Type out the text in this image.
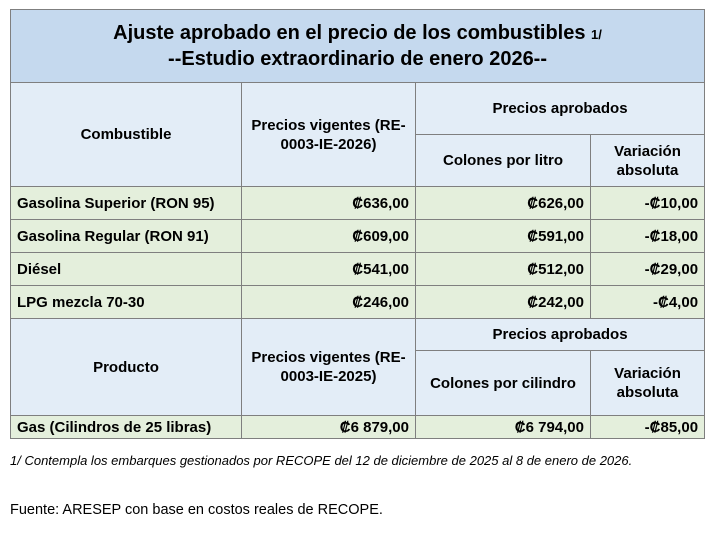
Ajuste aprobado en el precio de los combustibles 1/
--Estudio extraordinario de enero 2026--			
Combustible	Precios vigentes (RE-0003-IE-2026)	Precios aprobados	
		Colones por litro	Variación absoluta
Gasolina Superior (RON 95)	₡636,00	₡626,00	-₡10,00
Gasolina Regular (RON 91)	₡609,00	₡591,00	-₡18,00
Diésel	₡541,00	₡512,00	-₡29,00
LPG mezcla 70-30	₡246,00	₡242,00	-₡4,00
Producto	Precios vigentes (RE-0003-IE-2025)	Precios aprobados	
		Colones por cilindro	Variación absoluta
Gas (Cilindros de 25 libras)	₡6 879,00	₡6 794,00	-₡85,00
1/ Contempla los embarques gestionados por RECOPE del 12 de diciembre de 2025 al 8 de enero de 2026.
Fuente: ARESEP con base en costos reales de RECOPE.
